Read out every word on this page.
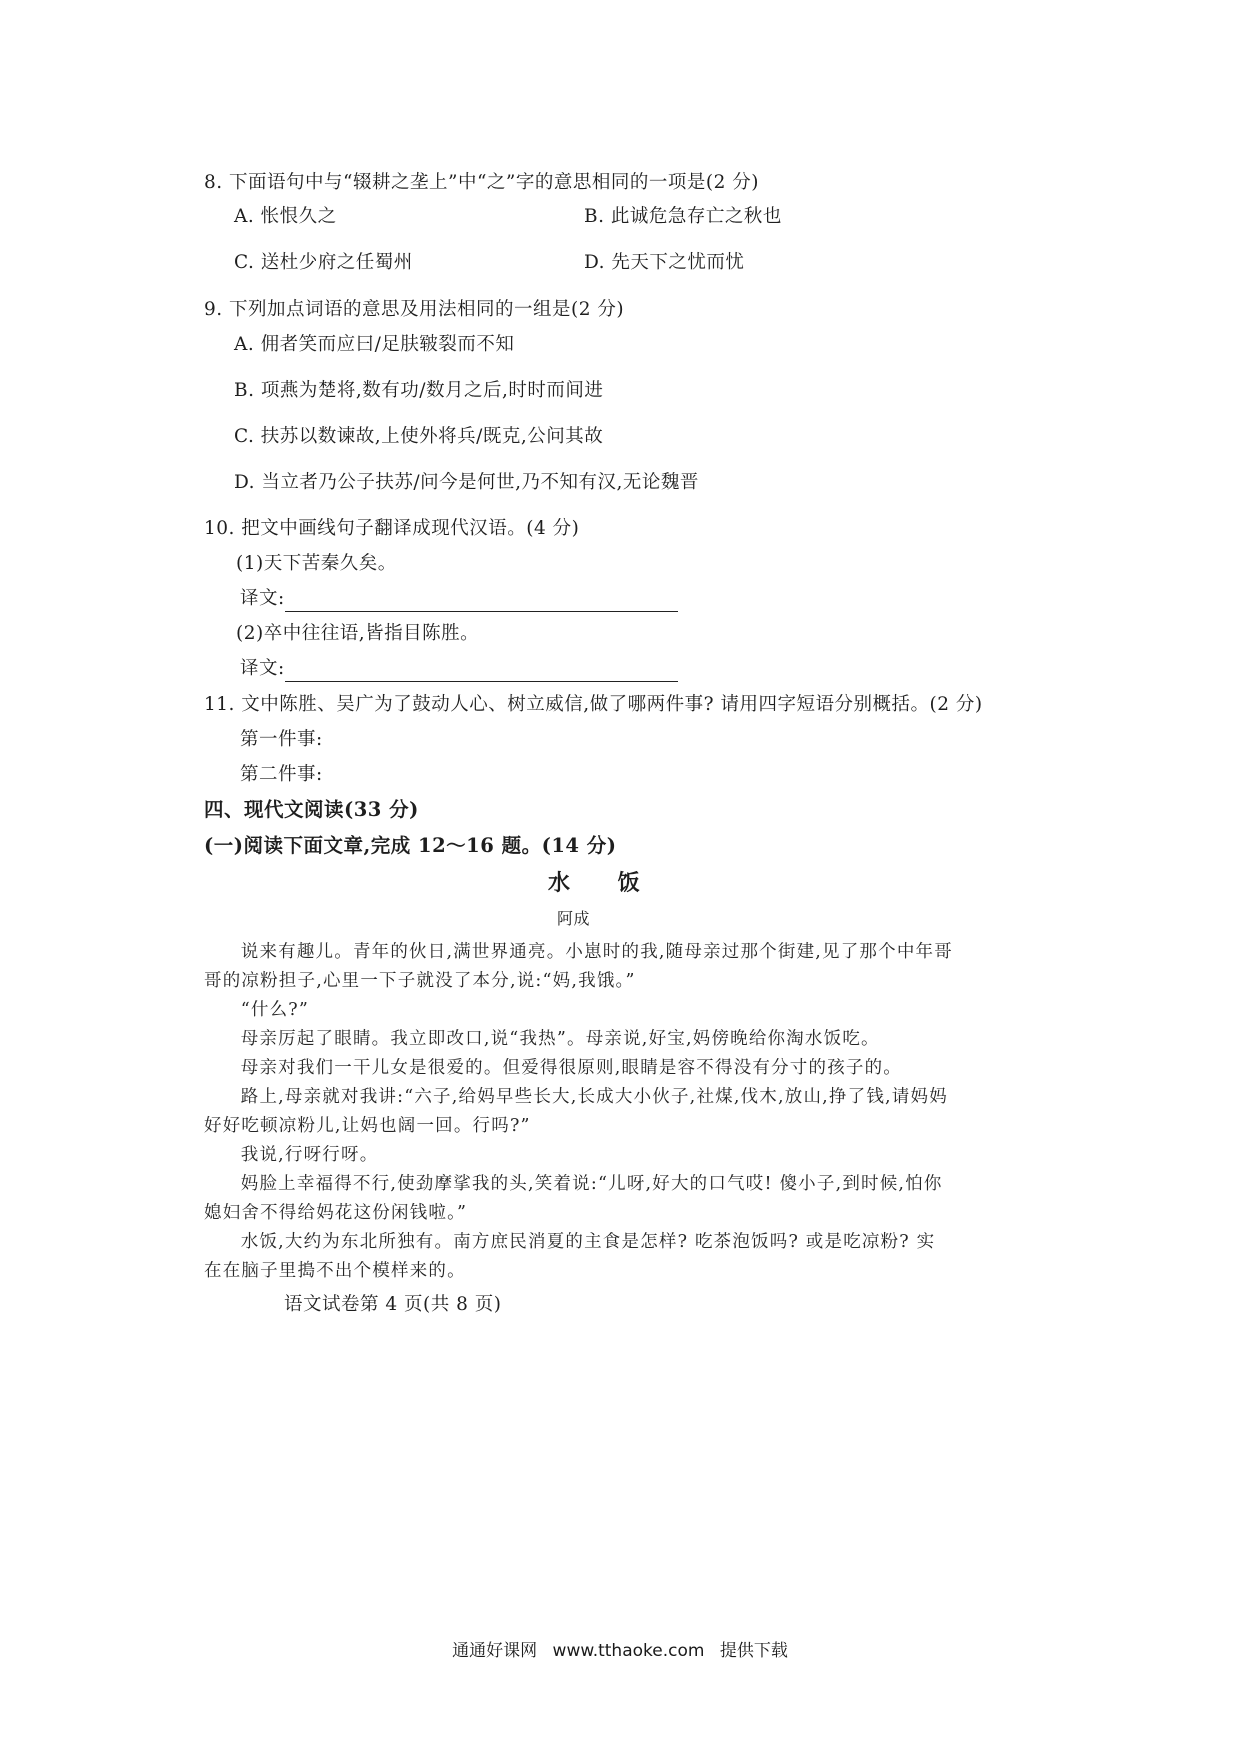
8. 下面语句中与“辍耕之垄上”中“之”字的意思相同的一项是(2 分)
A. 怅恨久之	B. 此诚危急存亡之秋也
C. 送杜少府之任蜀州	D. 先天下之忧而忧
9. 下列加点词语的意思及用法相同的一组是(2 分)
A. 佣者笑而应曰/足肤皲裂而不知
B. 项燕为楚将,数有功/数月之后,时时而间进
C. 扶苏以数谏故,上使外将兵/既克,公问其故
D. 当立者乃公子扶苏/问今是何世,乃不知有汉,无论魏晋
10. 把文中画线句子翻译成现代汉语。(4 分)
(1)天下苦秦久矣。
译文:
(2)卒中往往语,皆指目陈胜。
译文:
11. 文中陈胜、吴广为了鼓动人心、树立威信,做了哪两件事? 请用四字短语分别概括。(2 分)
第一件事:
第二件事:
四、现代文阅读(33 分)
(一)阅读下面文章,完成 12～16 题。(14 分)
水 饭
阿成

说来有趣儿。青年的伙日,满世界通亮。小崽时的我,随母亲过那个街建,见了那个中年哥哥的凉粉担子,心里一下子就没了本分,说:“妈,我饿。”

“什么?”

母亲厉起了眼睛。我立即改口,说“我热”。母亲说,好宝,妈傍晚给你淘水饭吃。

母亲对我们一干儿女是很爱的。但爱得很原则,眼睛是容不得没有分寸的孩子的。

路上,母亲就对我讲:“六子,给妈早些长大,长成大小伙子,社煤,伐木,放山,挣了钱,请妈妈好好吃顿凉粉儿,让妈也阔一回。行吗?”

我说,行呀行呀。

妈脸上幸福得不行,使劲摩挲我的头,笑着说:“儿呀,好大的口气哎! 傻小子,到时候,怕你媳妇舍不得给妈花这份闲钱啦。”

水饭,大约为东北所独有。南方庶民消夏的主食是怎样? 吃茶泡饭吗? 或是吃凉粉? 实在在脑子里搗不出个模样来的。

语文试卷第 4 页(共 8 页)
通通好课网 www.tthaoke.com 提供下载
